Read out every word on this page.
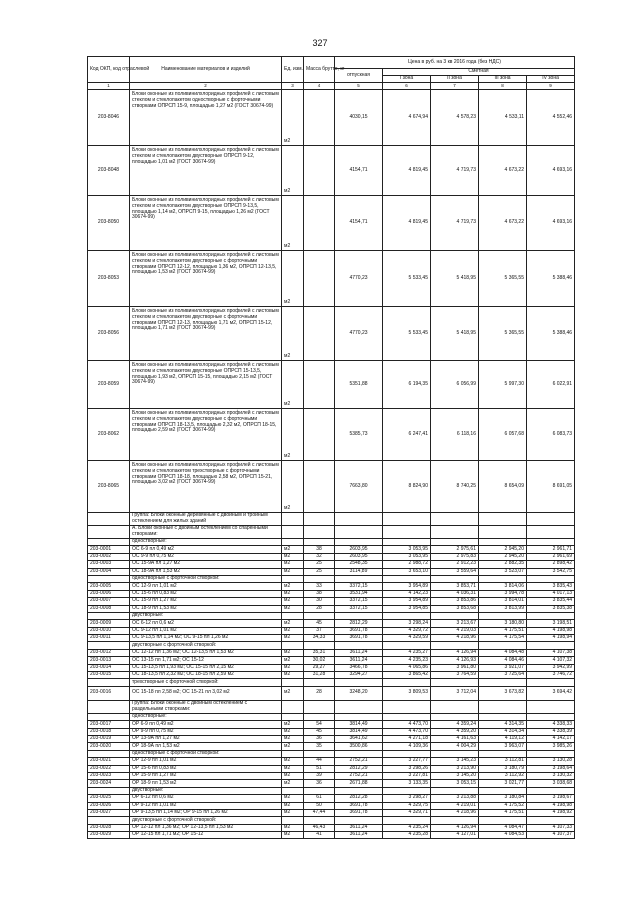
327
Код ОКП, код отраслевой	Наименование материалов и изделий	Ед. изм.	Масса брутто, кг	Цена в руб. на 3 кв 2016 года (без НДС)				
				отпускная	Сметная			
					I зона	II зона	III зона	IV зона
1	2	3	4	5	6	7	8	9
203-8046	Блоки оконные из поливинилхлоридных профилей с листовым стеклом и стеклопакетом одностворные с форточными створками ОПРСП 15-9, площадью 1,27 м2 (ГОСТ 30674-99)	м2		4030,15	4 674,94	4 578,23	4 533,11	4 552,46
203-8048	Блоки оконные из поливинилхлоридных профилей с листовым стеклом и стеклопакетом двустворные ОПРСП 9-12, площадью 1,01 м2 (ГОСТ 30674-99)	м2		4154,71	4 819,45	4 719,73	4 673,22	4 693,16
203-8050	Блоки оконные из поливинилхлоридных профилей с листовым стеклом и стеклопакетом двустворные ОПРСП 9-13,5, площадью 1,14 м2, ОПРСП 9-15, площадью 1,26 м2 (ГОСТ 30674-99)	м2		4154,71	4 819,45	4 719,73	4 673,22	4 693,16
203-8053	Блоки оконные из поливинилхлоридных профилей с листовым стеклом и стеклопакетом двустворные с форточными створками ОПРСП 12-12, площадью 1,36 м2, ОПРСП 12-13,5, площадью 1,53 м2 (ГОСТ 30674-99)	м2		4770,23	5 533,45	5 418,95	5 365,55	5 388,46
203-8056	Блоки оконные из поливинилхлоридных профилей с листовым стеклом и стеклопакетом двустворные с форточными створками ОПРСП 12-13, площадью 1,71 м2, ОПРСП 15-12, площадью 1,71 м2 (ГОСТ 30674-99)	м2		4770,23	5 533,45	5 418,95	5 365,55	5 388,46
203-8059	Блоки оконные из поливинилхлоридных профилей с листовым стеклом и стеклопакетом двустворные ОПРСП 15-13,5, площадью 1,93 м2, ОПРСП 15-15, площадью 2,15 м2 (ГОСТ 30674-99)	м2		5351,88	6 194,35	6 056,99	5 997,30	6 022,91
203-8062	Блоки оконные из поливинилхлоридных профилей с листовым стеклом и стеклопакетом двустворные с форточными створками ОПРСП 18-13,5, площадью 2,32 м2, ОПРСП 18-15, площадью 2,59 м2 (ГОСТ 30674-99)	м2		5385,73	6 247,41	6 118,16	6 057,68	6 083,73
203-8065	Блоки оконные из поливинилхлоридных профилей с листовым стеклом и стеклопакетом трехстворные с форточными створками ОПРСП 18-18, площадью 2,58 м2, ОПРСП 15-21, площадью 3,02 м2 (ГОСТ 30674-99)	м2		7663,80	8 824,90	8 740,25	8 654,09	8 691,05
	Группа: Блоки оконные деревянные с двойным и тройным остеклением для жилых зданий							
	А. Блоки оконные с двойным остеклением со спаренными створками:							
	одностворные:							
203-0001	ОС 6-9 пл 0,49 м2	м2	38	2603,95	3 053,95	2 975,61	2 945,20	2 961,71
203-0002	ОС 9-9 пл 0,75 м2	м2	32	2603,95	3 053,95	2 975,83	2 945,20	2 961,69
203-0003	ОС 15-9А пл 1,27 м2	м2	25	2548,35	2 988,72	2 912,23	2 882,35	2 898,42
203-0004	ОС 18-9А пл 1,53 м2	м2	25	3114,89	3 653,10	3 559,64	3 523,07	3 542,75
	одностворные с форточной створкой:							
203-0005	ОС 12-9 пл 1,01 м2	м2	33	3372,15	3 954,89	3 853,71	3 814,06	3 835,43
203-0006	ОС 15-6 пл 0,83 м2	м2	38	3531,94	4 142,23	4 036,31	3 994,78	4 017,13
203-0007	ОС 15-9 пл 1,27 м2	м2	30	3372,15	3 954,89	3 853,86	3 814,01	3 835,44
203-0008	ОС 18-9 пл 1,53 м2	м2	28	3372,15	3 954,85	3 853,68	3 813,99	3 835,38
	двустворные:							
203-0009	ОС 6-12 пл 0,6 м2	м2	45	2812,29	3 298,24	3 213,67	3 180,80	3 198,51
203-0010	ОС 9-12 пл 1,01 м2	м2	37	3691,78	4 329,72	4 219,03	4 175,51	4 198,98
203-0011	ОС 9-13,5 пл 1,14 м2; ОС 9-15 пл 1,26 м2	м2	34,33	3691,78	4 329,59	4 218,96	4 175,54	4 198,94
	двустворные с форточной створкой:							
203-0012	ОС 12-12 пл 1,36 м2; ОС 12-13,5 пл 1,53 м2	м2	35,31	3611,24	4 235,27	4 126,94	4 084,48	4 107,38
203-0013	ОС 13-15 пл 1,71 м2; ОС 15-12	м2	30,02	3611,24	4 235,23	4 126,93	4 084,46	4 107,32
203-0014	ОС 15-13,5 пл 1,93 м2; ОС 15-15 пл 2,15 м2	м2	29,27	3466,78	4 065,86	3 961,80	3 921,07	3 942,99
203-0015	ОС 18-13,5 пл 2,32 м2; ОС 18-15 пл 2,59 м2	м2	31,28	3294,27	3 865,42	3 764,59	3 725,64	3 746,72
	трехстворные с форточной створкой:							
203-0016	ОС 15-18 пл 2,58 м2; ОС 15-21 пл 3,02 м2	м2	28	3248,20	3 809,53	3 712,04	3 673,82	3 694,42
	Группа: Блоки оконные с двойным остеклением с раздельными створками:							
	одностворные:							
203-0017	ОР 6-9 пл 0,49 м2	м2	54	3814,49	4 473,70	4 359,24	4 314,35	4 338,33
203-0018	ОР 9-9 пл 0,75 м2	м2	45	3814,49	4 473,70	4 359,20	4 314,34	4 338,39
203-0019	ОР 13-9А пл 1,27 м2	м2	36	3641,62	4 271,18	4 161,63	4 119,12	4 142,17
203-0020	ОР 18-9А пл 1,53 м2	м2	35	3500,86	4 109,36	4 004,29	3 963,07	3 985,26
	одностворные с форточной створкой:							
203-0021	ОР 12-9 пл 1,01 м2	м2	44	2752,21	3 227,77	3 145,23	3 112,81	3 130,28
203-0022	ОР 15-6 пл 0,83 м2	м2	51	2812,29	3 298,26	3 213,90	3 180,79	3 198,64
203-0023	ОР 15-9 пл 1,27 м2	м2	39	2752,21	3 227,81	3 145,20	3 112,92	3 130,32
203-0024	ОР 18-9 пл 1,53 м2	м2	36	2671,88	3 133,35	3 053,15	3 021,77	3 038,68
	двустворные:							
203-0025	ОР 6-12 пл 0,6 м2	м2	61	2812,28	3 298,27	3 213,88	3 180,84	3 198,67
203-0026	ОР 9-12 пл 1,01 м2	м2	50	3691,78	4 329,75	4 219,01	4 175,52	4 198,98
203-0027	ОР 9-13,5 пл 1,14 м2; ОР 9-15 пл 1,26 м2	м2	47,44	3691,78	4 329,71	4 218,96	4 175,51	4 198,92
	двустворные с форточной створкой:							
203-0028	ОР 12-12 пл 1,36 м2; ОР 12-13,5 пл 1,53 м2	м2	46,43	3611,24	4 235,24	4 126,94	4 084,47	4 107,33
203-0029	ОР 12-15 пл 1,71 м2; ОР 15-12	м2	41	3611,24	4 235,28	4 127,01	4 084,53	4 107,37
